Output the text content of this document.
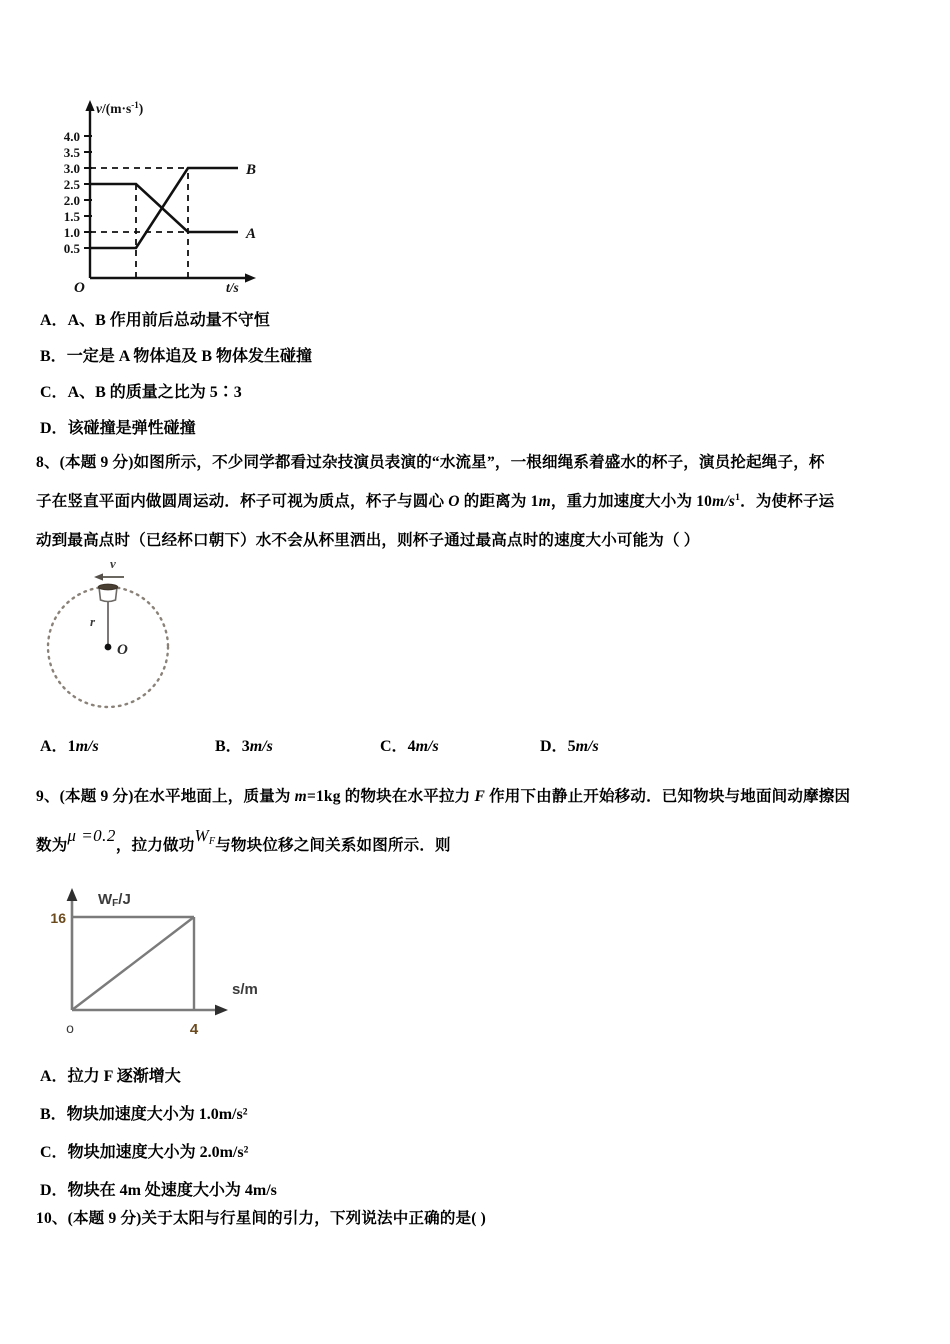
4.0
3.5
3.0
2.5
2.0
1.5
1.0
0.5
$v/(m\cdot s^{-1})$
t/s
O
B
A
A．A、B 作用前后总动量不守恒
B．一定是 A 物体追及 B 物体发生碰撞
C．A、B 的质量之比为 5∶3
D．该碰撞是弹性碰撞
8、(本题 9 分)如图所示，不少同学都看过杂技演员表演的“水流星”，一根细绳系着盛水的杯子，演员抡起绳子，杯
子在竖直平面内做圆周运动．杯子可视为质点，杯子与圆心 O 的距离为 1m，重力加速度大小为 $10m/s^1$．为使杯子运
动到最高点时（已经杯口朝下）水不会从杯里洒出，则杯子通过最高点时的速度大小可能为（ ）
v
r
O
A．1m/s	B．3m/s	C．4m/s	D．5m/s
9、(本题 9 分)在水平地面上，质量为 m=1kg 的物块在水平拉力 F 作用下由静止开始移动．已知物块与地面间动摩擦因
数为μ =0.2，拉力做功$W_F$与物块位移之间关系如图所示．则
16
o	4
WF/J
s/m
A．拉力 F 逐渐增大
B．物块加速度大小为 1.0m/s²
C．物块加速度大小为 2.0m/s²
D．物块在 4m 处速度大小为 4m/s
10、(本题 9 分)关于太阳与行星间的引力，下列说法中正确的是( )
